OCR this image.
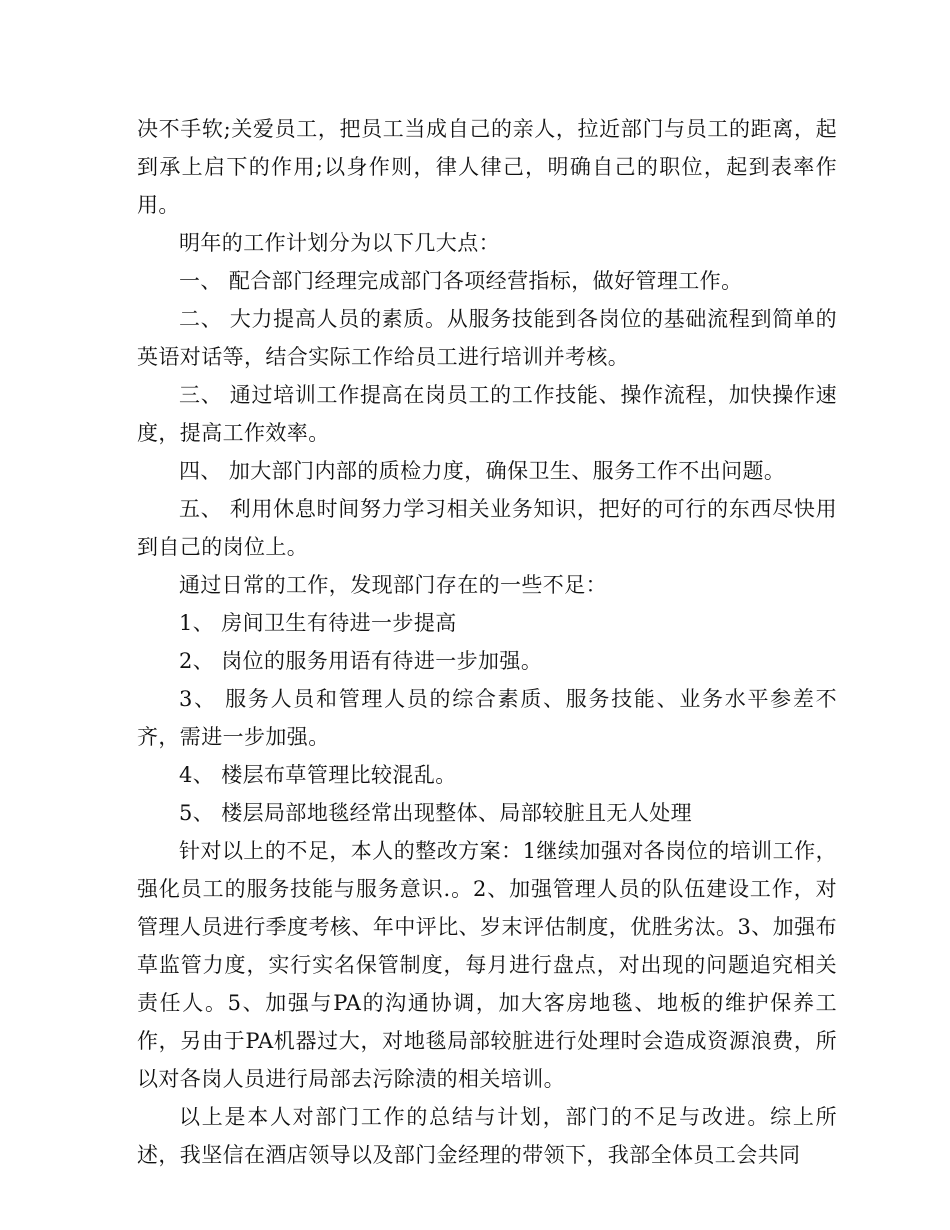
决不手软;关爱员工，把员工当成自己的亲人，拉近部门与员工的距离，起到承上启下的作用;以身作则，律人律己，明确自己的职位，起到表率作用。

明年的工作计划分为以下几大点：

一、 配合部门经理完成部门各项经营指标，做好管理工作。

二、 大力提高人员的素质。从服务技能到各岗位的基础流程到简单的英语对话等，结合实际工作给员工进行培训并考核。

三、 通过培训工作提高在岗员工的工作技能、操作流程，加快操作速度，提高工作效率。

四、 加大部门内部的质检力度，确保卫生、服务工作不出问题。

五、 利用休息时间努力学习相关业务知识，把好的可行的东西尽快用到自己的岗位上。

通过日常的工作，发现部门存在的一些不足：

1、 房间卫生有待进一步提高

2、 岗位的服务用语有待进一步加强。

3、 服务人员和管理人员的综合素质、服务技能、业务水平参差不齐，需进一步加强。

4、 楼层布草管理比较混乱。

5、 楼层局部地毯经常出现整体、局部较脏且无人处理

针对以上的不足，本人的整改方案：1继续加强对各岗位的培训工作，强化员工的服务技能与服务意识.。2、加强管理人员的队伍建设工作，对管理人员进行季度考核、年中评比、岁末评估制度，优胜劣汰。3、加强布草监管力度，实行实名保管制度，每月进行盘点，对出现的问题追究相关责任人。5、加强与PA的沟通协调，加大客房地毯、地板的维护保养工作，另由于PA机器过大，对地毯局部较脏进行处理时会造成资源浪费，所以对各岗人员进行局部去污除渍的相关培训。

以上是本人对部门工作的总结与计划，部门的不足与改进。综上所述，我坚信在酒店领导以及部门金经理的带领下，我部全体员工会共同
